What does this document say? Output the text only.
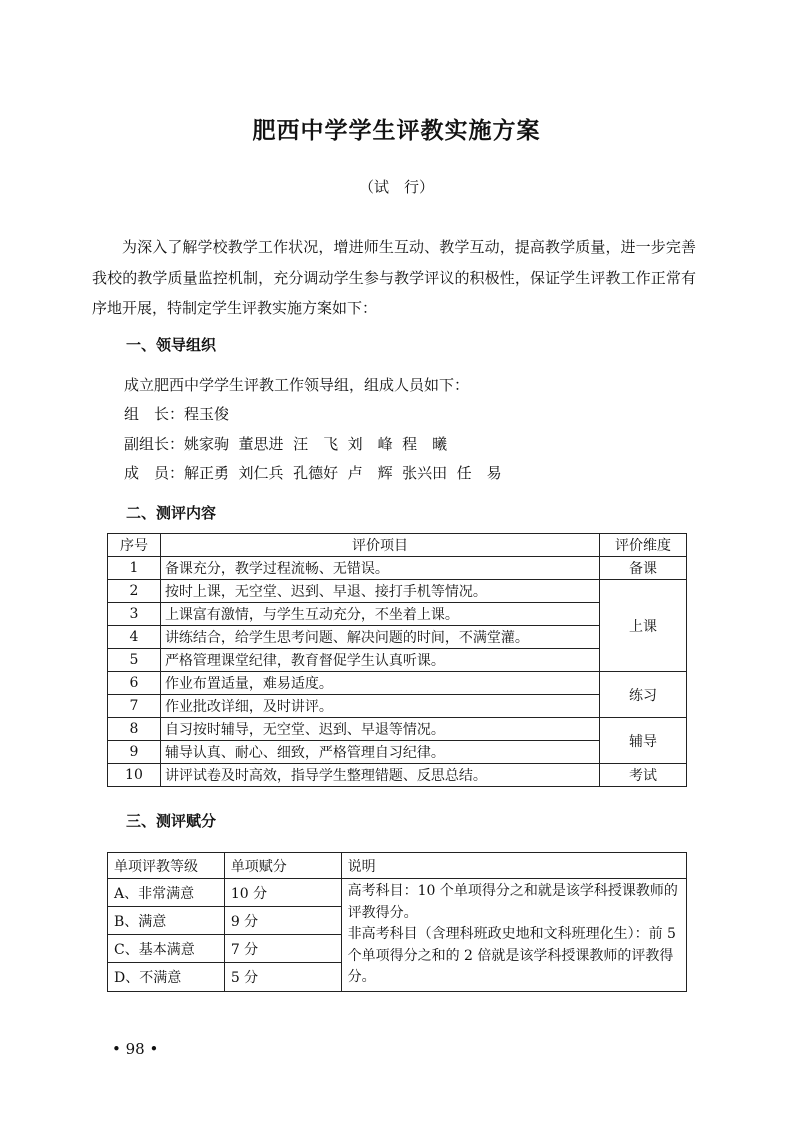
肥西中学学生评教实施方案
（试　行）
为深入了解学校教学工作状况，增进师生互动、教学互动，提高教学质量，进一步完善我校的教学质量监控机制，充分调动学生参与教学评议的积极性，保证学生评教工作正常有序地开展，特制定学生评教实施方案如下：
一、领导组织
成立肥西中学学生评教工作领导组，组成人员如下：
组　长：程玉俊
副组长：姚家驹  董思进  汪　飞  刘　峰  程　曦
成　员：解正勇  刘仁兵  孔德好  卢　辉  张兴田  任　易
二、测评内容
序号	评价项目	评价维度
1	备课充分，教学过程流畅、无错误。	备课
2	按时上课，无空堂、迟到、早退、接打手机等情况。	上课
3	上课富有激情，与学生互动充分，不坐着上课。	
4	讲练结合，给学生思考问题、解决问题的时间，不满堂灌。	
5	严格管理课堂纪律，教育督促学生认真听课。	
6	作业布置适量，难易适度。	练习
7	作业批改详细，及时讲评。	
8	自习按时辅导，无空堂、迟到、早退等情况。	辅导
9	辅导认真、耐心、细致，严格管理自习纪律。	
10	讲评试卷及时高效，指导学生整理错题、反思总结。	考试
三、测评赋分
单项评教等级	单项赋分	说明
A、非常满意	10 分	高考科目：10 个单项得分之和就是该学科授课教师的评教得分。
非高考科目（含理科班政史地和文科班理化生）：前 5 个单项得分之和的 2 倍就是该学科授课教师的评教得分。

B、满意	9 分	
C、基本满意	7 分	
D、不满意	5 分	
• 98 •
